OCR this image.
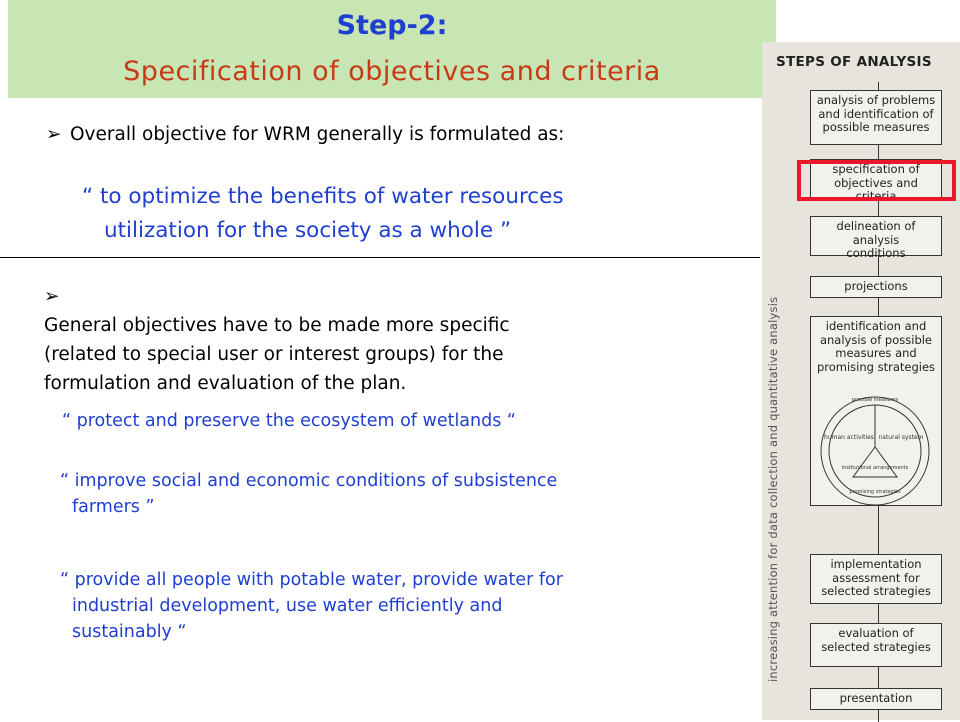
Step-2:
Specification of objectives and criteria
➢ Overall objective for WRM generally is formulated as:
“ to optimize the benefits of water resources
utilization for the society as a whole ”
➢
General objectives have to be made more specific
(related to special user or interest groups) for the
formulation and evaluation of the plan.
“ protect and preserve the ecosystem of wetlands “
“ improve social and economic conditions of subsistence
farmers ”
“ provide all people with potable water, provide water for
industrial development, use water efficiently and
sustainably “
STEPS OF ANALYSIS
increasing attention for data collection and quantitative analysis
analysis of problems
and identification of
possible measures
specification of
objectives and criteria
delineation of analysis
conditions
projections
identification and
analysis of possible
measures and
promising strategies
possible measures
human activities natural system
institutional arrangements
promising strategies
implementation
assessment for
selected strategies
evaluation of
selected strategies
presentation
